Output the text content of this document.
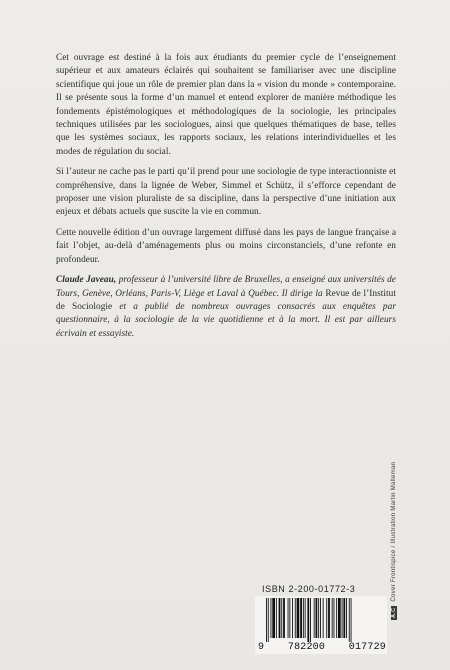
Cet ouvrage est destiné à la fois aux étudiants du premier cycle de l’enseignement supérieur et aux amateurs éclairés qui souhaitent se familiariser avec une discipline scientifique qui joue un rôle de premier plan dans la « vision du monde » contemporaine. Il se présente sous la forme d’un manuel et entend explorer de manière méthodique les fondements épistémologiques et méthodologiques de la sociologie, les principales techniques utilisées par les sociologues, ainsi que quelques thématiques de base, telles que les systèmes sociaux, les rapports sociaux, les relations interindividuelles et les modes de régulation du social.

Si l’auteur ne cache pas le parti qu’il prend pour une sociologie de type interactionniste et compréhensive, dans la lignée de Weber, Simmel et Schütz, il s’efforce cependant de proposer une vision pluraliste de sa discipline, dans la perspective d’une initiation aux enjeux et débats actuels que suscite la vie en commun.

Cette nouvelle édition d’un ouvrage largement diffusé dans les pays de langue française a fait l’objet, au-delà d’aménagements plus ou moins circonstanciels, d’une refonte en profondeur.

Claude Javeau, professeur à l’université libre de Bruxelles, a enseigné aux universités de Tours, Genève, Orléans, Paris-V, Liège et Laval à Québec. Il dirige la Revue de l’Institut de Sociologie et a publié de nombreux ouvrages consacrés aux enquêtes par questionnaire, à la sociologie de la vie quotidienne et à la mort. Il est par ailleurs écrivain et essayiste.

A.CCover Frontispice / Illustration Martin Malleman
ISBN 2-200-01772-3
9 782200 017729
